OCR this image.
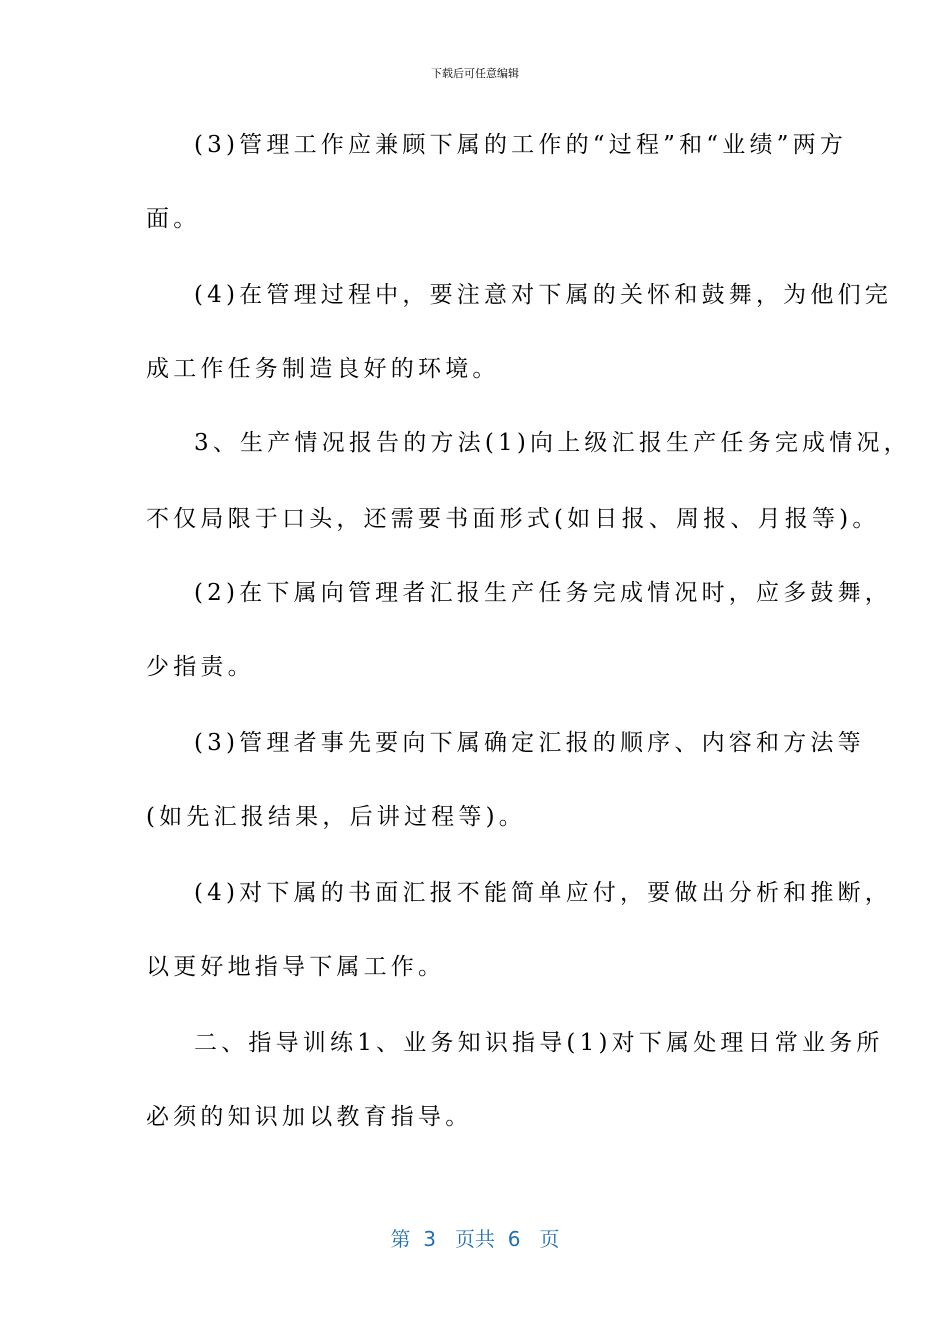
下载后可任意编辑
(3)管理工作应兼顾下属的工作的“过程”和“业绩”两方
面。
(4)在管理过程中，要注意对下属的关怀和鼓舞，为他们完
成工作任务制造良好的环境。
3、生产情况报告的方法(1)向上级汇报生产任务完成情况，
不仅局限于口头，还需要书面形式(如日报、周报、月报等)。
(2)在下属向管理者汇报生产任务完成情况时，应多鼓舞，
少指责。
(3)管理者事先要向下属确定汇报的顺序、内容和方法等
(如先汇报结果，后讲过程等)。
(4)对下属的书面汇报不能简单应付，要做出分析和推断，
以更好地指导下属工作。
二、指导训练1、业务知识指导(1)对下属处理日常业务所
必须的知识加以教育指导。
第 3 页共 6 页
